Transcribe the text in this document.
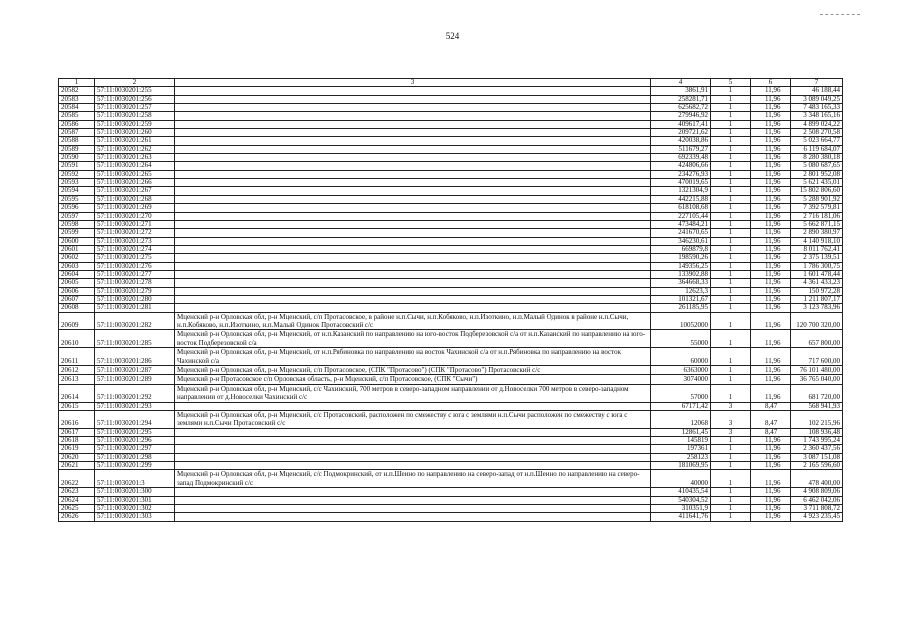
524
1	2	3	4	5	6	7
20582	57:11:0030201:255		3861,91	1	11,96	46 188,44
20583	57:11:0030201:256		258281,71	1	11,96	3 089 049,25
20584	57:11:0030201:257		625682,72	1	11,96	7 483 165,33
20585	57:11:0030201:258		279946,92	1	11,96	3 348 165,16
20586	57:11:0030201:259		409617,41	1	11,96	4 899 024,22
20587	57:11:0030201:260		209721,62	1	11,96	2 508 270,58
20588	57:11:0030201:261		420038,86	1	11,96	5 023 664,77
20589	57:11:0030201:262		511679,27	1	11,96	6 119 684,07
20590	57:11:0030201:263		692339,48	1	11,96	8 280 380,18
20591	57:11:0030201:264		424806,66	1	11,96	5 080 687,65
20592	57:11:0030201:265		234276,93	1	11,96	2 801 952,08
20593	57:11:0030201:266		470019,65	1	11,96	5 621 435,01
20594	57:11:0030201:267		1321304,9	1	11,96	15 802 806,60
20595	57:11:0030201:268		442215,88	1	11,96	5 288 901,92
20596	57:11:0030201:269		618108,68	1	11,96	7 392 579,81
20597	57:11:0030201:270		227105,44	1	11,96	2 716 181,06
20598	57:11:0030201:271		473484,21	1	11,96	5 662 871,15
20599	57:11:0030201:272		241670,65	1	11,96	2 890 380,97
20600	57:11:0030201:273		346230,61	1	11,96	4 140 918,10
20601	57:11:0030201:274		669879,8	1	11,96	8 011 762,41
20602	57:11:0030201:275		198590,26	1	11,96	2 375 139,51
20603	57:11:0030201:276		149356,25	1	11,96	1 786 300,75
20604	57:11:0030201:277		133902,88	1	11,96	1 601 478,44
20605	57:11:0030201:278		364668,33	1	11,96	4 361 433,23
20606	57:11:0030201:279		12623,3	1	11,96	150 972,28
20607	57:11:0030201:280		101321,67	1	11,96	1 211 807,17
20608	57:11:0030201:281		261185,95	1	11,96	3 123 783,96
20609	57:11:0030201:282	Мценский р-н Орловская обл, р-н Мценский, с/п Протасовское, в районе н.п.Сычи, н.п.Кобяково, н.п.Изоткино, н.п.Малый Одинок в районе н.п.Сычи, н.п.Кобяково, н.п.Изоткино, н.п.Малый Одинок Протасовский с/с	10052000	1	11,96	120 700 320,00
20610	57:11:0030201:285	Мценский р-н Орловская обл, р-н Мценский, от н.п.Казанский по направлению на юго-восток Подберезовской с/а от н.п.Казанский по направлению на юго-восток Подберезовской с/а	55000	1	11,96	657 800,00
20611	57:11:0030201:286	Мценский р-н Орловская обл, р-н Мценский, от н.п.Рябиновка по направлению на восток Чахинской с/а от н.п.Рябиновка по направлению на восток Чахинской с/а	60000	1	11,96	717 600,00
20612	57:11:0030201:287	Мценский р-н Орловская обл, р-н Мценский, с/п Протасовское, (СПК "Протасово") (СПК "Протасово") Протасовский с/с	6363000	1	11,96	76 101 480,00
20613	57:11:0030201:289	Мценский р-н Протасовское с/п Орловская область, р-н Мценский, с/п Протасовское, (СПК "Сычи")	3074000	1	11,96	36 765 040,00
20614	57:11:0030201:292	Мценский р-н Орловская обл, р-н Мценский, с/с Чахинский, 700 метров в северо-западном направлении от д.Новоселки 700 метров в северо-западном направлении от д.Новоселки Чахинский с/с	57000	1	11,96	681 720,00
20615	57:11:0030201:293		67171,42	3	8,47	568 941,93
20616	57:11:0030201:294	Мценский р-н Орловская обл, р-н Мценский, с/с Протасовский, расположен по смежеству с юга с землями н.п.Сычи расположен по смежеству с юга с землями н.п.Сычи Протасовский с/с	12068	3	8,47	102 215,96
20617	57:11:0030201:295		12861,45	3	8,47	108 936,48
20618	57:11:0030201:296		145819	1	11,96	1 743 995,24
20619	57:11:0030201:297		197361	1	11,96	2 360 437,56
20620	57:11:0030201:298		258123	1	11,96	3 087 151,08
20621	57:11:0030201:299		181069,95	1	11,96	2 165 596,60
20622	57:11:0030201:3	Мценский р-н Орловская обл, р-н Мценский, с/с Подмокринский, от н.п.Шеино по направлению на северо-запад от н.п.Шеино по направлению на северо-запад Подмокринский с/с	40000	1	11,96	478 400,00
20623	57:11:0030201:300		410435,54	1	11,96	4 908 809,06
20624	57:11:0030201:301		540304,52	1	11,96	6 462 042,06
20625	57:11:0030201:302		310351,9	1	11,96	3 711 808,72
20626	57:11:0030201:303		411641,76	1	11,96	4 923 235,45
